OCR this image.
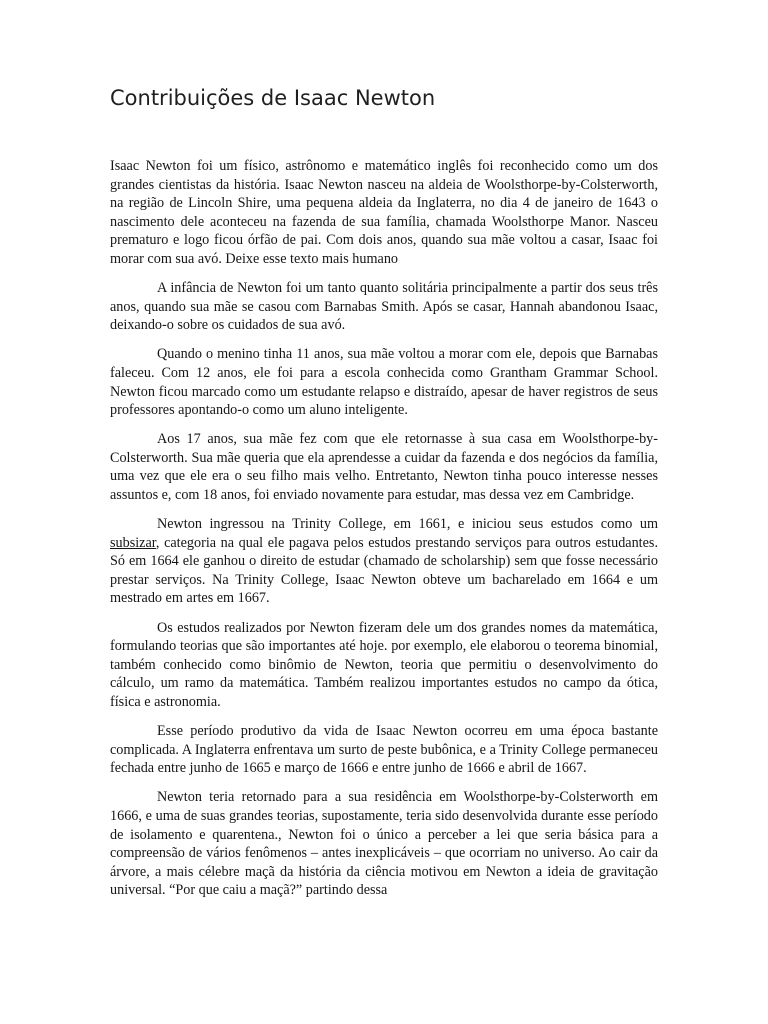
Contribuições de Isaac Newton

Isaac Newton foi um físico, astrônomo e matemático inglês foi reconhecido como um dos grandes cientistas da história. Isaac Newton nasceu na aldeia de Woolsthorpe-by-Colsterworth, na região de Lincoln Shire, uma pequena aldeia da Inglaterra, no dia 4 de janeiro de 1643 o nascimento dele aconteceu na fazenda de sua família, chamada Woolsthorpe Manor. Nasceu prematuro e logo ficou órfão de pai. Com dois anos, quando sua mãe voltou a casar, Isaac foi morar com sua avó. Deixe esse texto mais humano

A infância de Newton foi um tanto quanto solitária principalmente a partir dos seus três anos, quando sua mãe se casou com Barnabas Smith. Após se casar, Hannah abandonou Isaac, deixando-o sobre os cuidados de sua avó.

Quando o menino tinha 11 anos, sua mãe voltou a morar com ele, depois que Barnabas faleceu. Com 12 anos, ele foi para a escola conhecida como Grantham Grammar School. Newton ficou marcado como um estudante relapso e distraído, apesar de haver registros de seus professores apontando-o como um aluno inteligente.

Aos 17 anos, sua mãe fez com que ele retornasse à sua casa em Woolsthorpe-by-Colsterworth. Sua mãe queria que ela aprendesse a cuidar da fazenda e dos negócios da família, uma vez que ele era o seu filho mais velho. Entretanto, Newton tinha pouco interesse nesses assuntos e, com 18 anos, foi enviado novamente para estudar, mas dessa vez em Cambridge.

Newton ingressou na Trinity College, em 1661, e iniciou seus estudos como um subsizar, categoria na qual ele pagava pelos estudos prestando serviços para outros estudantes. Só em 1664 ele ganhou o direito de estudar (chamado de scholarship) sem que fosse necessário prestar serviços. Na Trinity College, Isaac Newton obteve um bacharelado em 1664 e um mestrado em artes em 1667.

Os estudos realizados por Newton fizeram dele um dos grandes nomes da matemática, formulando teorias que são importantes até hoje. por exemplo, ele elaborou o teorema binomial, também conhecido como binômio de Newton, teoria que permitiu o desenvolvimento do cálculo, um ramo da matemática. Também realizou importantes estudos no campo da ótica, física e astronomia.

Esse período produtivo da vida de Isaac Newton ocorreu em uma época bastante complicada. A Inglaterra enfrentava um surto de peste bubônica, e a Trinity College permaneceu fechada entre junho de 1665 e março de 1666 e entre junho de 1666 e abril de 1667.

Newton teria retornado para a sua residência em Woolsthorpe-by-Colsterworth em 1666, e uma de suas grandes teorias, supostamente, teria sido desenvolvida durante esse período de isolamento e quarentena., Newton foi o único a perceber a lei que seria básica para a compreensão de vários fenômenos – antes inexplicáveis – que ocorriam no universo. Ao cair da árvore, a mais célebre maçã da história da ciência motivou em Newton a ideia de gravitação universal. “Por que caiu a maçã?” partindo dessa
